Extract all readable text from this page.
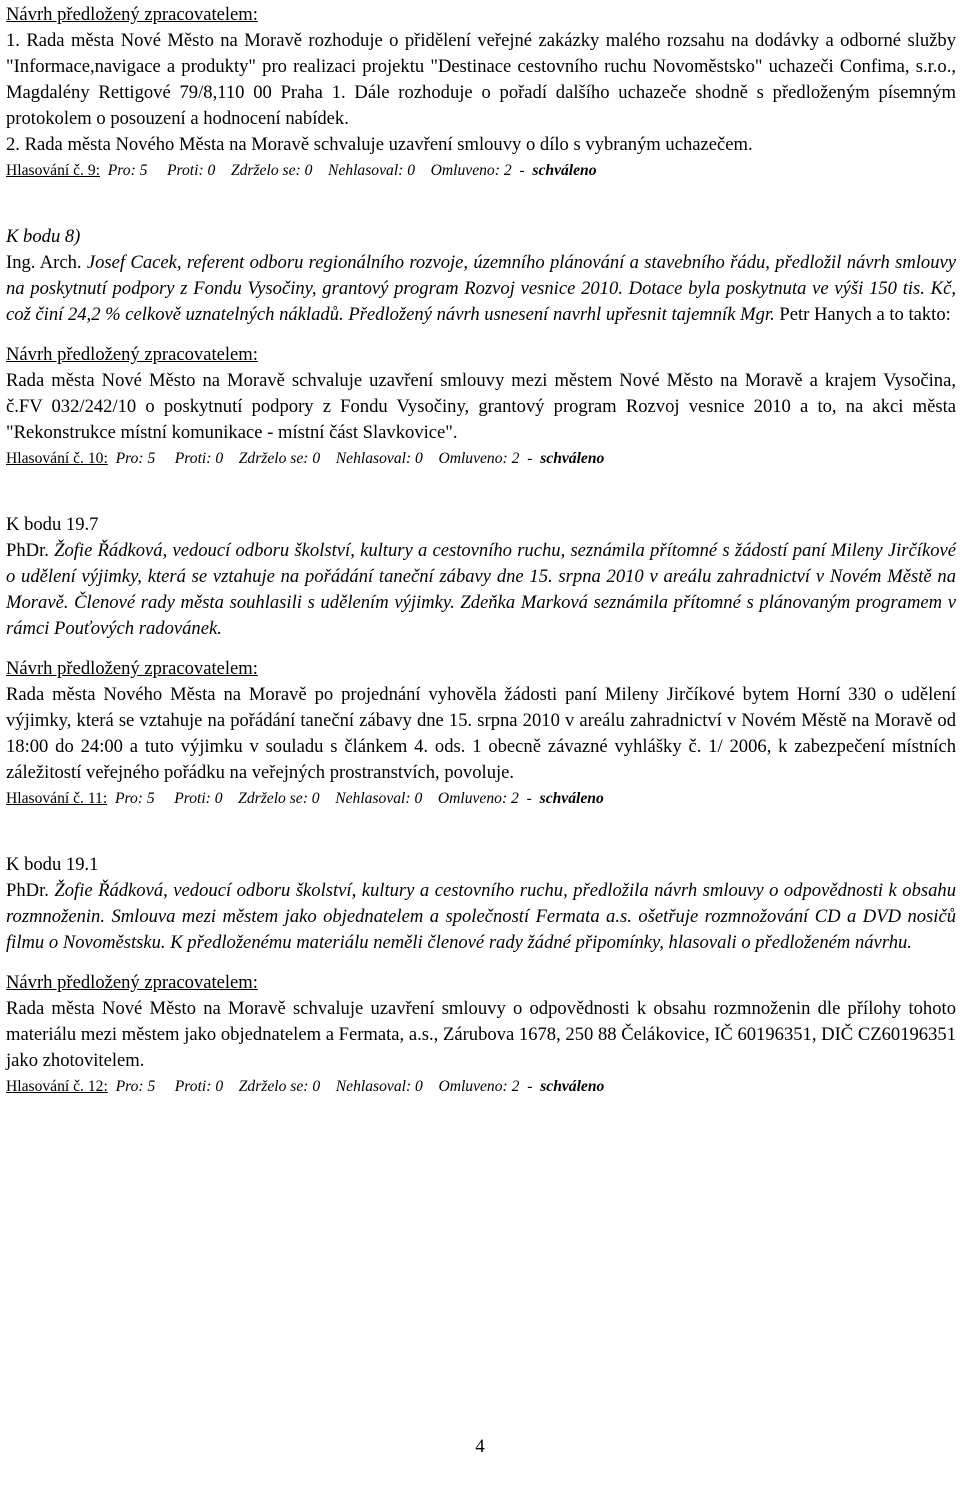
Návrh předložený zpracovatelem:

1. Rada města Nové Město na Moravě rozhoduje o přidělení veřejné zakázky malého rozsahu na dodávky a odborné služby "Informace,navigace a produkty" pro realizaci projektu "Destinace cestovního ruchu Novoměstsko" uchazeči Confima, s.r.o., Magdalény Rettigové 79/8,110 00 Praha 1. Dále rozhoduje o pořadí dalšího uchazeče shodně s předloženým písemným protokolem o posouzení a hodnocení nabídek.

2. Rada města Nového Města na Moravě schvaluje uzavření smlouvy o dílo s vybraným uchazečem.

Hlasování č. 9: Pro: 5 Proti: 0 Zdrželo se: 0 Nehlasoval: 0 Omluveno: 2 - schváleno

K bodu 8)

Ing. Arch. Josef Cacek, referent odboru regionálního rozvoje, územního plánování a stavebního řádu, předložil návrh smlouvy na poskytnutí podpory z Fondu Vysočiny, grantový program Rozvoj vesnice 2010. Dotace byla poskytnuta ve výši 150 tis. Kč, což činí 24,2 % celkově uznatelných nákladů. Předložený návrh usnesení navrhl upřesnit tajemník Mgr. Petr Hanych a to takto:

Návrh předložený zpracovatelem:

Rada města Nové Město na Moravě schvaluje uzavření smlouvy mezi městem Nové Město na Moravě a krajem Vysočina, č.FV 032/242/10 o poskytnutí podpory z Fondu Vysočiny, grantový program Rozvoj vesnice 2010 a to, na akci města "Rekonstrukce místní komunikace - místní část Slavkovice".

Hlasování č. 10: Pro: 5 Proti: 0 Zdrželo se: 0 Nehlasoval: 0 Omluveno: 2 - schváleno

K bodu 19.7

PhDr. Žofie Řádková, vedoucí odboru školství, kultury a cestovního ruchu, seznámila přítomné s žádostí paní Mileny Jirčíkové o udělení výjimky, která se vztahuje na pořádání taneční zábavy dne 15. srpna 2010 v areálu zahradnictví v Novém Městě na Moravě. Členové rady města souhlasili s udělením výjimky. Zdeňka Marková seznámila přítomné s plánovaným programem v rámci Pouťových radovánek.

Návrh předložený zpracovatelem:

Rada města Nového Města na Moravě po projednání vyhověla žádosti paní Mileny Jirčíkové bytem Horní 330 o udělení výjimky, která se vztahuje na pořádání taneční zábavy dne 15. srpna 2010 v areálu zahradnictví v Novém Městě na Moravě od 18:00 do 24:00 a tuto výjimku v souladu s článkem 4. ods. 1 obecně závazné vyhlášky č. 1/ 2006, k zabezpečení místních záležitostí veřejného pořádku na veřejných prostranstvích, povoluje.

Hlasování č. 11: Pro: 5 Proti: 0 Zdrželo se: 0 Nehlasoval: 0 Omluveno: 2 - schváleno

K bodu 19.1

PhDr. Žofie Řádková, vedoucí odboru školství, kultury a cestovního ruchu, předložila návrh smlouvy o odpovědnosti k obsahu rozmnoženin. Smlouva mezi městem jako objednatelem a společností Fermata a.s. ošetřuje rozmnožování CD a DVD nosičů filmu o Novoměstsku. K předloženému materiálu neměli členové rady žádné připomínky, hlasovali o předloženém návrhu.

Návrh předložený zpracovatelem:

Rada města Nové Město na Moravě schvaluje uzavření smlouvy o odpovědnosti k obsahu rozmnoženin dle přílohy tohoto materiálu mezi městem jako objednatelem a Fermata, a.s., Zárubova 1678, 250 88 Čelákovice, IČ 60196351, DIČ CZ60196351 jako zhotovitelem.

Hlasování č. 12: Pro: 5 Proti: 0 Zdrželo se: 0 Nehlasoval: 0 Omluveno: 2 - schváleno
4
